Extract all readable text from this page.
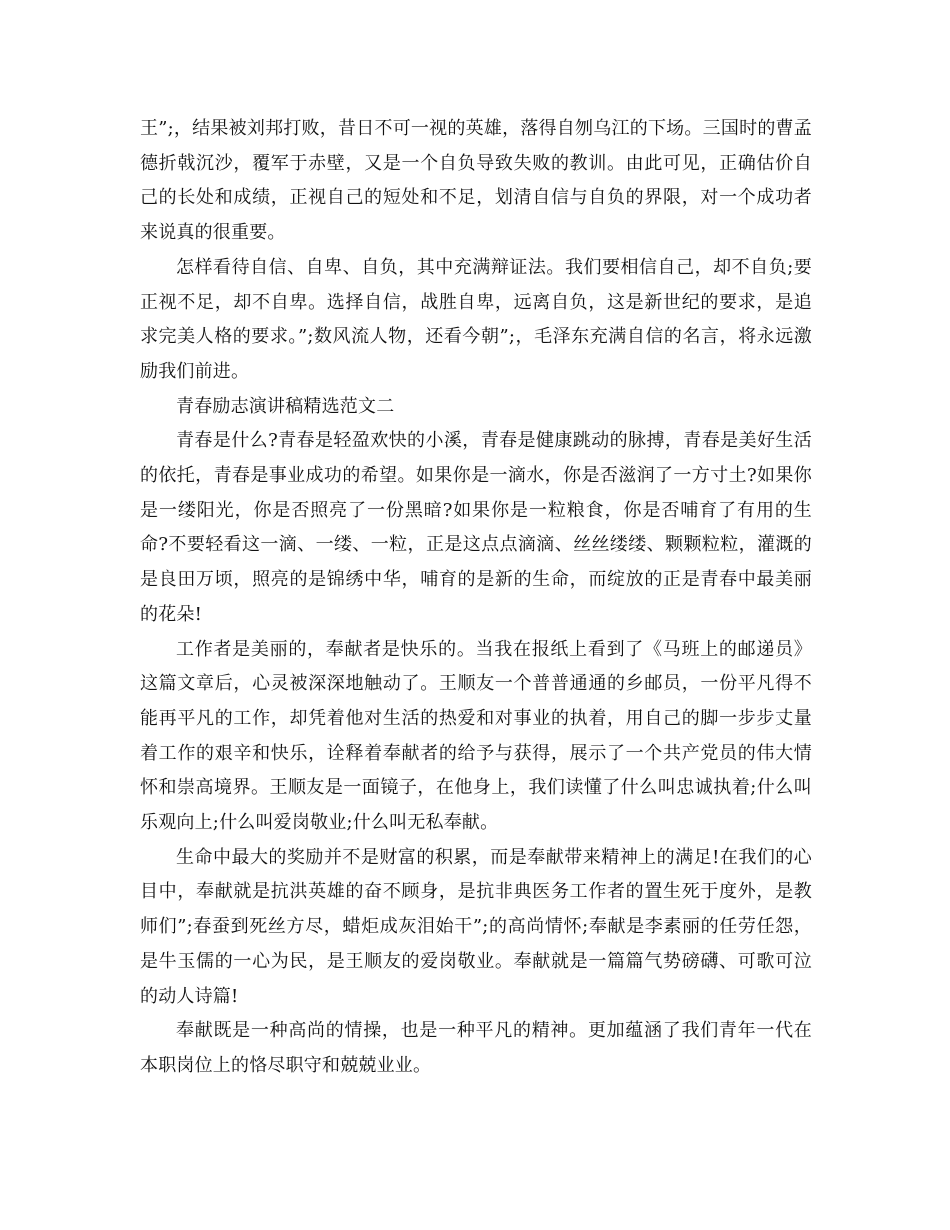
王”;，结果被刘邦打败，昔日不可一视的英雄，落得自刎乌江的下场。三国时的曹孟德折戟沉沙，覆军于赤壁，又是一个自负导致失败的教训。由此可见，正确估价自己的长处和成绩，正视自己的短处和不足，划清自信与自负的界限，对一个成功者来说真的很重要。

怎样看待自信、自卑、自负，其中充满辩证法。我们要相信自己，却不自负;要正视不足，却不自卑。选择自信，战胜自卑，远离自负，这是新世纪的要求，是追求完美人格的要求。”;数风流人物，还看今朝”;，毛泽东充满自信的名言，将永远激励我们前进。

青春励志演讲稿精选范文二

青春是什么?青春是轻盈欢快的小溪，青春是健康跳动的脉搏，青春是美好生活的依托，青春是事业成功的希望。如果你是一滴水，你是否滋润了一方寸土?如果你是一缕阳光，你是否照亮了一份黑暗?如果你是一粒粮食，你是否哺育了有用的生命?不要轻看这一滴、一缕、一粒，正是这点点滴滴、丝丝缕缕、颗颗粒粒，灌溉的是良田万顷，照亮的是锦绣中华，哺育的是新的生命，而绽放的正是青春中最美丽的花朵!

工作者是美丽的，奉献者是快乐的。当我在报纸上看到了《马班上的邮递员》这篇文章后，心灵被深深地触动了。王顺友一个普普通通的乡邮员，一份平凡得不能再平凡的工作，却凭着他对生活的热爱和对事业的执着，用自己的脚一步步丈量着工作的艰辛和快乐，诠释着奉献者的给予与获得，展示了一个共产党员的伟大情怀和崇高境界。王顺友是一面镜子，在他身上，我们读懂了什么叫忠诚执着;什么叫乐观向上;什么叫爱岗敬业;什么叫无私奉献。

生命中最大的奖励并不是财富的积累，而是奉献带来精神上的满足!在我们的心目中，奉献就是抗洪英雄的奋不顾身，是抗非典医务工作者的置生死于度外，是教师们”;春蚕到死丝方尽，蜡炬成灰泪始干”;的高尚情怀;奉献是李素丽的任劳任怨，是牛玉儒的一心为民，是王顺友的爱岗敬业。奉献就是一篇篇气势磅礴、可歌可泣的动人诗篇!

奉献既是一种高尚的情操，也是一种平凡的精神。更加蕴涵了我们青年一代在本职岗位上的恪尽职守和兢兢业业。
